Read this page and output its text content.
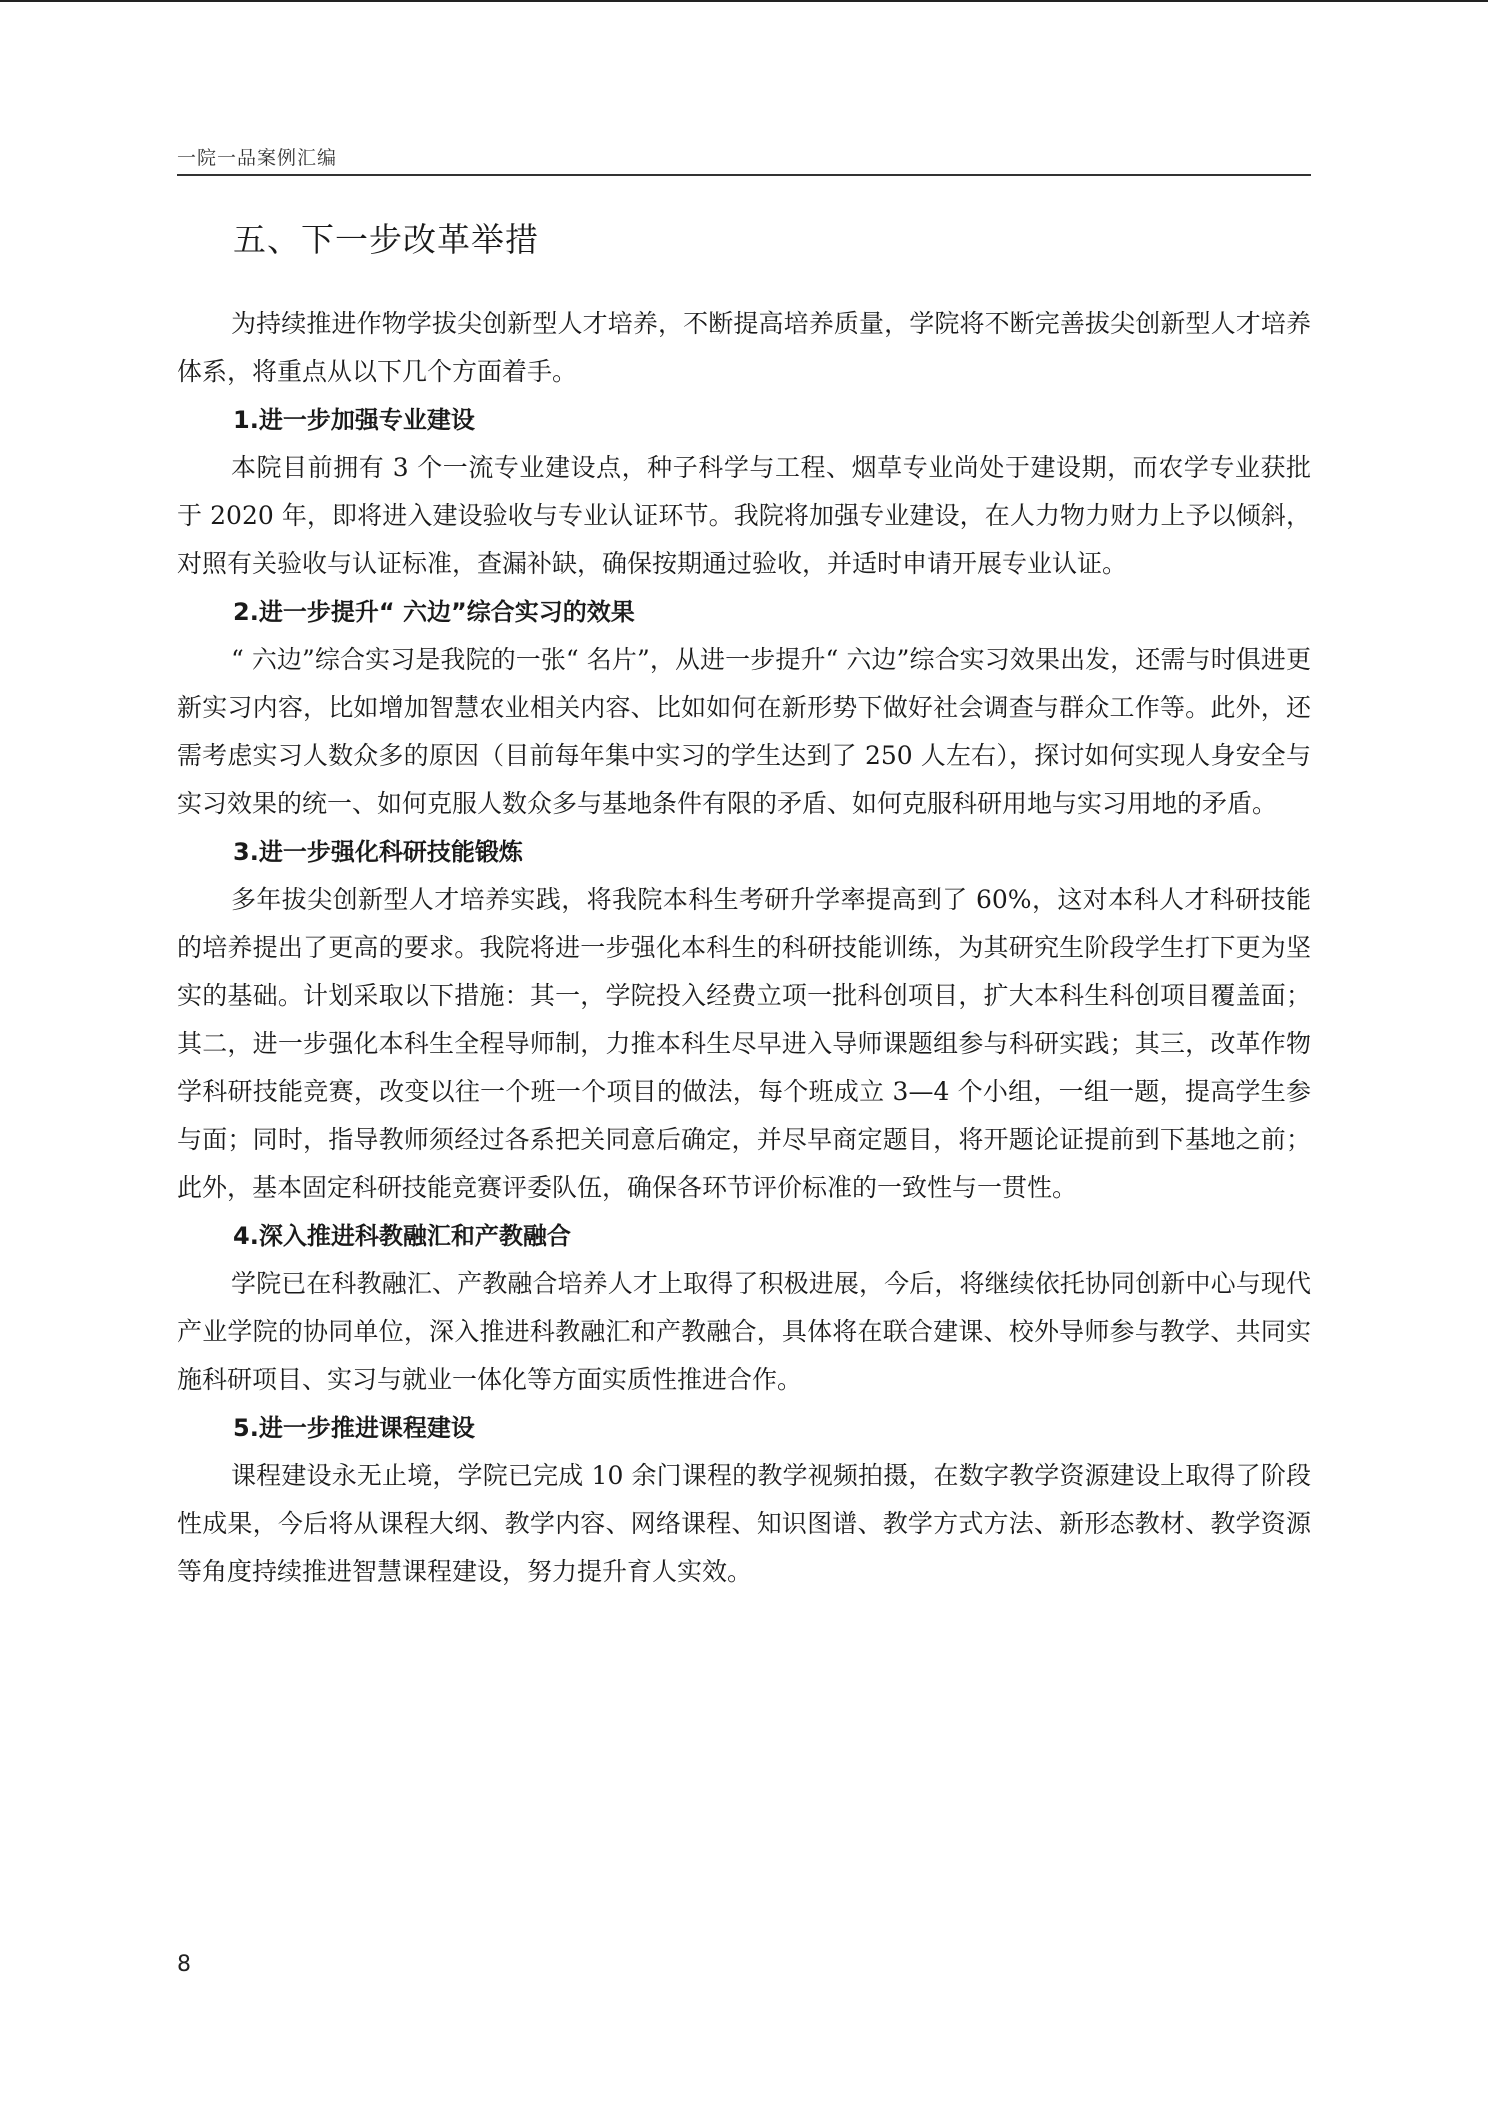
一院一品案例汇编
五、下一步改革举措

为持续推进作物学拔尖创新型人才培养，不断提高培养质量，学院将不断完善拔尖创新型人才培养体系，将重点从以下几个方面着手。

1.进一步加强专业建设

本院目前拥有 3 个一流专业建设点，种子科学与工程、烟草专业尚处于建设期，而农学专业获批于 2020 年，即将进入建设验收与专业认证环节。我院将加强专业建设，在人力物力财力上予以倾斜，对照有关验收与认证标准，查漏补缺，确保按期通过验收，并适时申请开展专业认证。

2.进一步提升“ 六边”综合实习的效果

“ 六边”综合实习是我院的一张“ 名片”，从进一步提升“ 六边”综合实习效果出发，还需与时俱进更新实习内容，比如增加智慧农业相关内容、比如如何在新形势下做好社会调查与群众工作等。此外，还需考虑实习人数众多的原因（目前每年集中实习的学生达到了 250 人左右），探讨如何实现人身安全与实习效果的统一、如何克服人数众多与基地条件有限的矛盾、如何克服科研用地与实习用地的矛盾。

3.进一步强化科研技能锻炼

多年拔尖创新型人才培养实践，将我院本科生考研升学率提高到了 60%，这对本科人才科研技能的培养提出了更高的要求。我院将进一步强化本科生的科研技能训练，为其研究生阶段学生打下更为坚实的基础。计划采取以下措施：其一，学院投入经费立项一批科创项目，扩大本科生科创项目覆盖面；其二，进一步强化本科生全程导师制，力推本科生尽早进入导师课题组参与科研实践；其三，改革作物学科研技能竞赛，改变以往一个班一个项目的做法，每个班成立 3—4 个小组，一组一题，提高学生参与面；同时，指导教师须经过各系把关同意后确定，并尽早商定题目，将开题论证提前到下基地之前；此外，基本固定科研技能竞赛评委队伍，确保各环节评价标准的一致性与一贯性。

4.深入推进科教融汇和产教融合

学院已在科教融汇、产教融合培养人才上取得了积极进展，今后，将继续依托协同创新中心与现代产业学院的协同单位，深入推进科教融汇和产教融合，具体将在联合建课、校外导师参与教学、共同实施科研项目、实习与就业一体化等方面实质性推进合作。

5.进一步推进课程建设

课程建设永无止境，学院已完成 10 余门课程的教学视频拍摄，在数字教学资源建设上取得了阶段性成果，今后将从课程大纲、教学内容、网络课程、知识图谱、教学方式方法、新形态教材、教学资源等角度持续推进智慧课程建设，努力提升育人实效。

8
